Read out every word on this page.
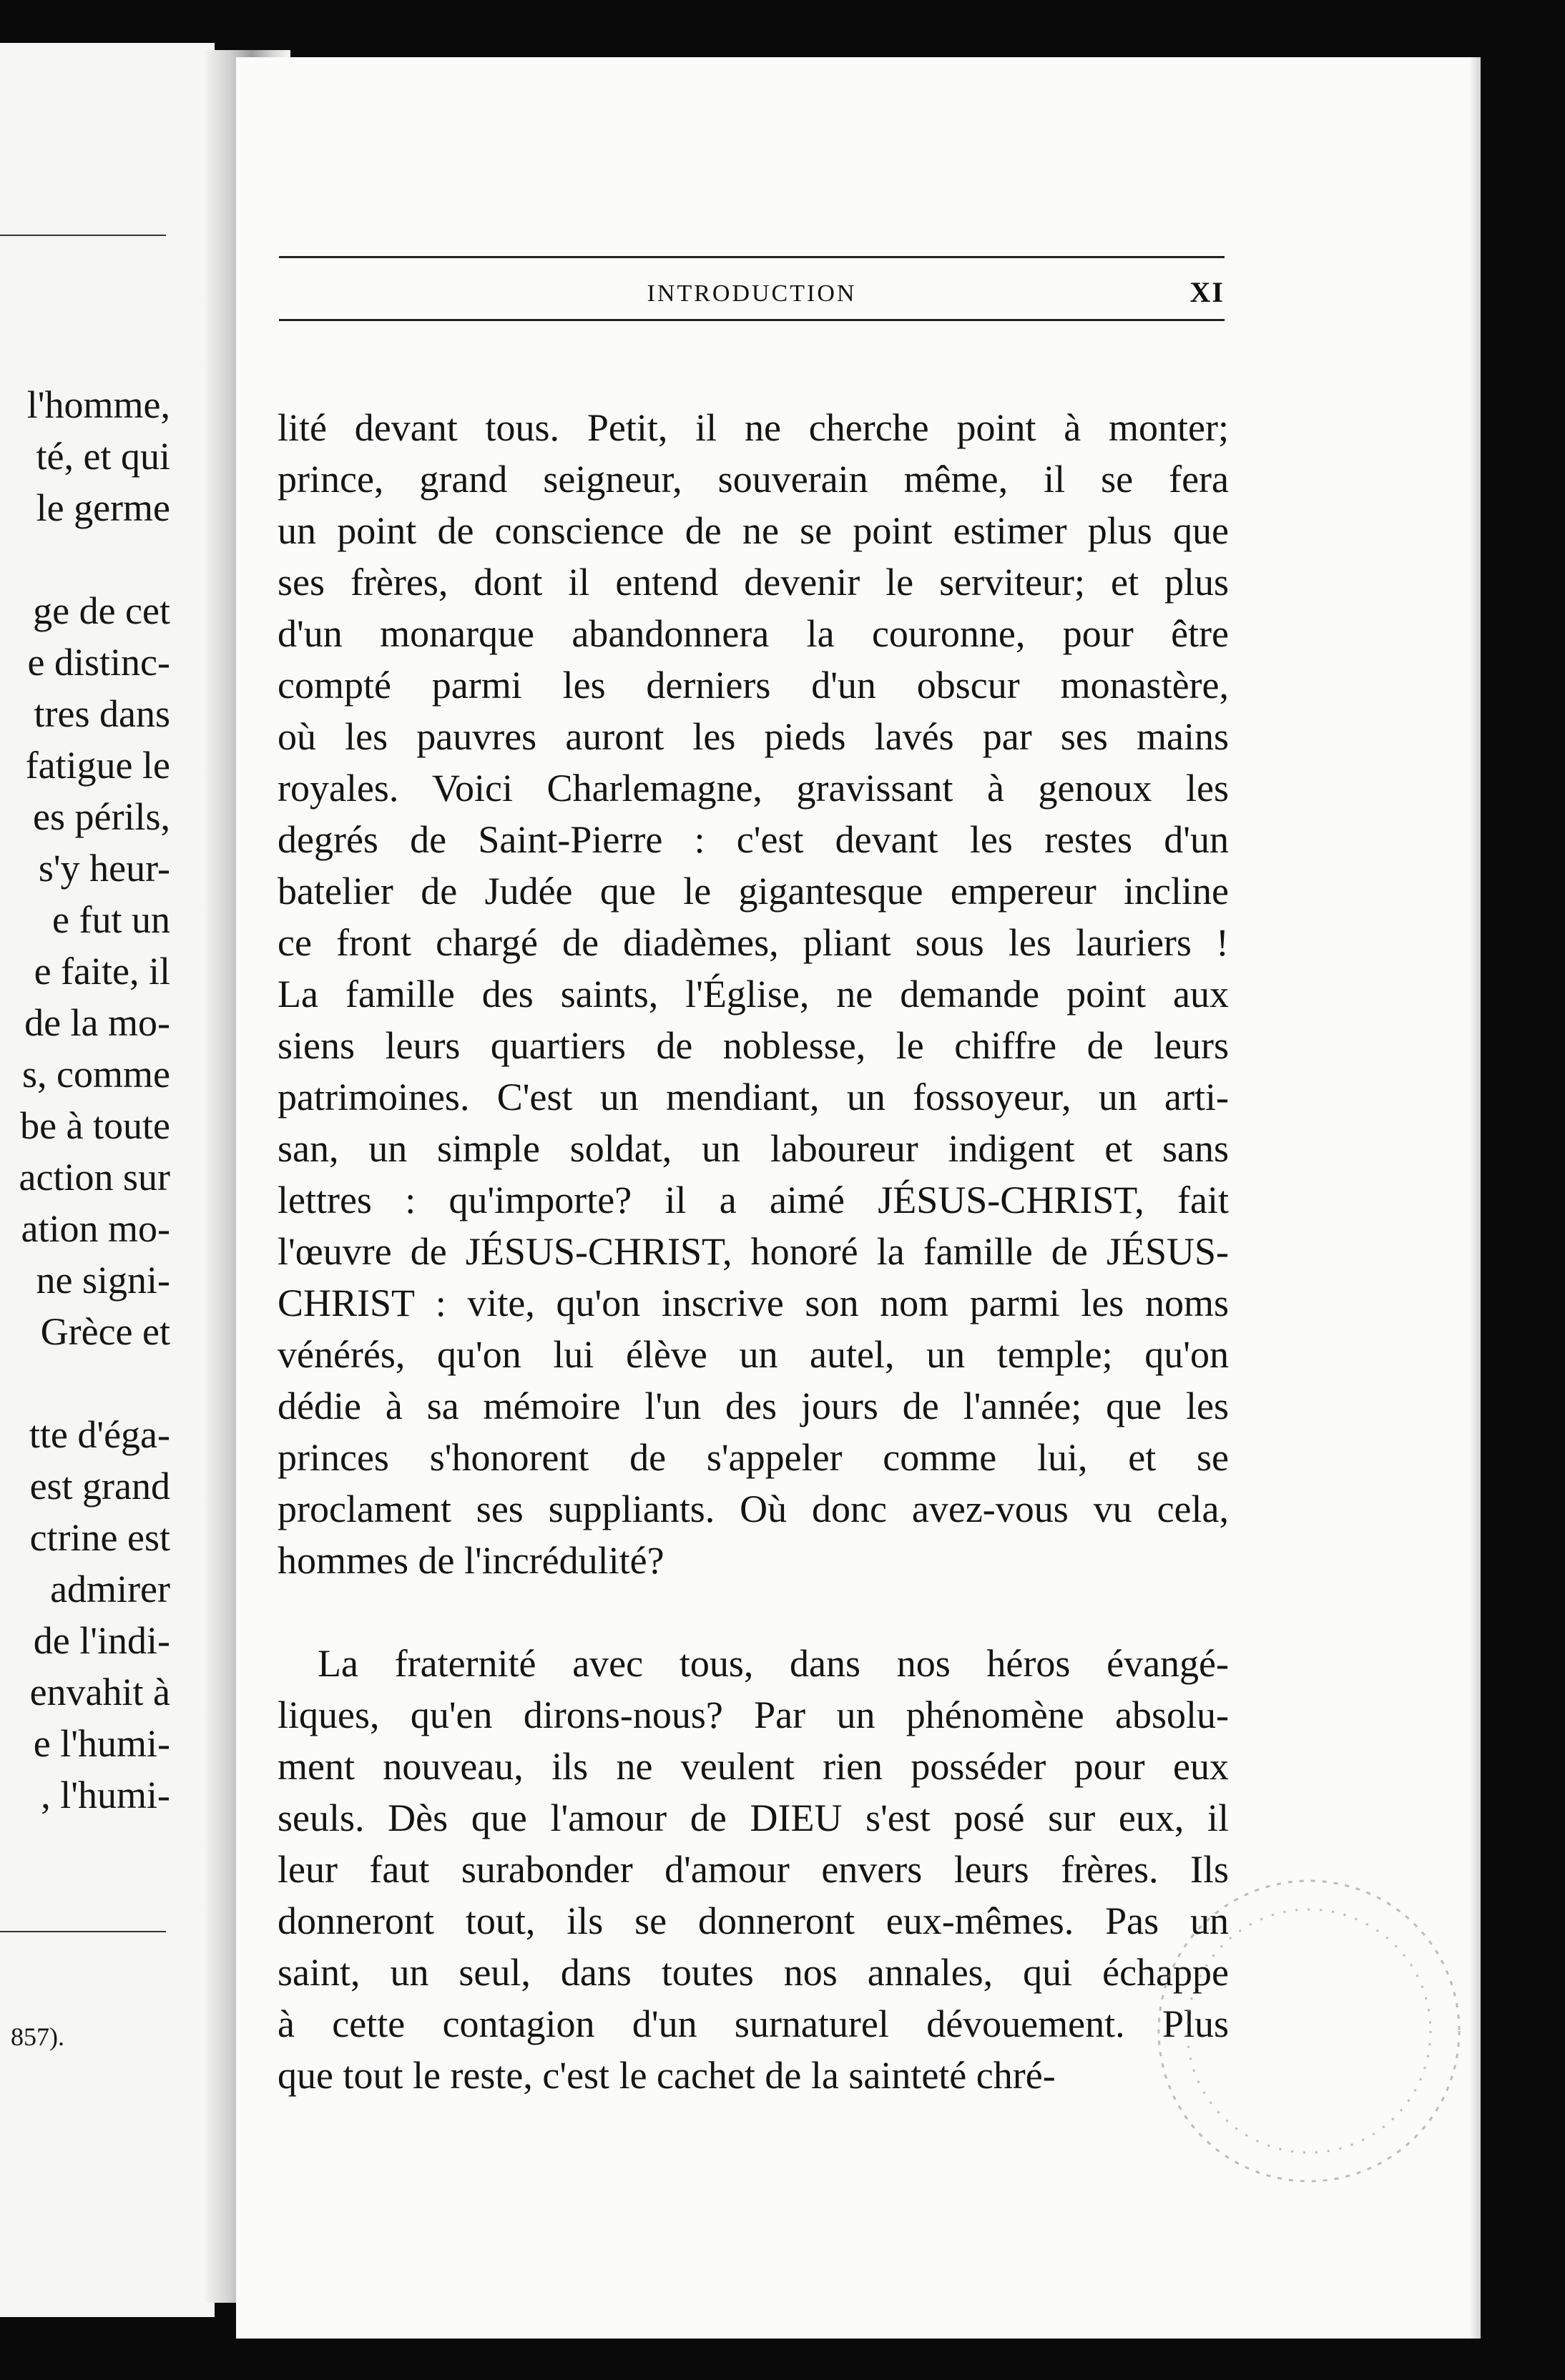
l'homme,
té, et qui
le germe
ge de cet
e distinc-
tres dans
fatigue le
es périls,
s'y heur-
e fut un
e faite, il
de la mo-
s, comme
be à toute
action sur
ation mo-
ne signi-
Grèce et
tte d'éga-
est grand
ctrine est
admirer
de l'indi-
envahit à
e l'humi-
, l'humi-
857).
INTRODUCTION	XI
lité devant tous. Petit, il ne cherche point à monter;
prince, grand seigneur, souverain même, il se fera
un point de conscience de ne se point estimer plus que
ses frères, dont il entend devenir le serviteur; et plus
d'un monarque abandonnera la couronne, pour être
compté parmi les derniers d'un obscur monastère,
où les pauvres auront les pieds lavés par ses mains
royales. Voici Charlemagne, gravissant à genoux les
degrés de Saint-Pierre : c'est devant les restes d'un
batelier de Judée que le gigantesque empereur incline
ce front chargé de diadèmes, pliant sous les lauriers !
La famille des saints, l'Église, ne demande point aux
siens leurs quartiers de noblesse, le chiffre de leurs
patrimoines. C'est un mendiant, un fossoyeur, un arti-
san, un simple soldat, un laboureur indigent et sans
lettres : qu'importe? il a aimé JÉSUS-CHRIST, fait
l'œuvre de JÉSUS-CHRIST, honoré la famille de JÉSUS-
CHRIST : vite, qu'on inscrive son nom parmi les noms
vénérés, qu'on lui élève un autel, un temple; qu'on
dédie à sa mémoire l'un des jours de l'année; que les
princes s'honorent de s'appeler comme lui, et se
proclament ses suppliants. Où donc avez-vous vu cela,
hommes de l'incrédulité?
La fraternité avec tous, dans nos héros évangé-
liques, qu'en dirons-nous? Par un phénomène absolu-
ment nouveau, ils ne veulent rien posséder pour eux
seuls. Dès que l'amour de DIEU s'est posé sur eux, il
leur faut surabonder d'amour envers leurs frères. Ils
donneront tout, ils se donneront eux-mêmes. Pas un
saint, un seul, dans toutes nos annales, qui échappe
à cette contagion d'un surnaturel dévouement. Plus
que tout le reste, c'est le cachet de la sainteté chré-
